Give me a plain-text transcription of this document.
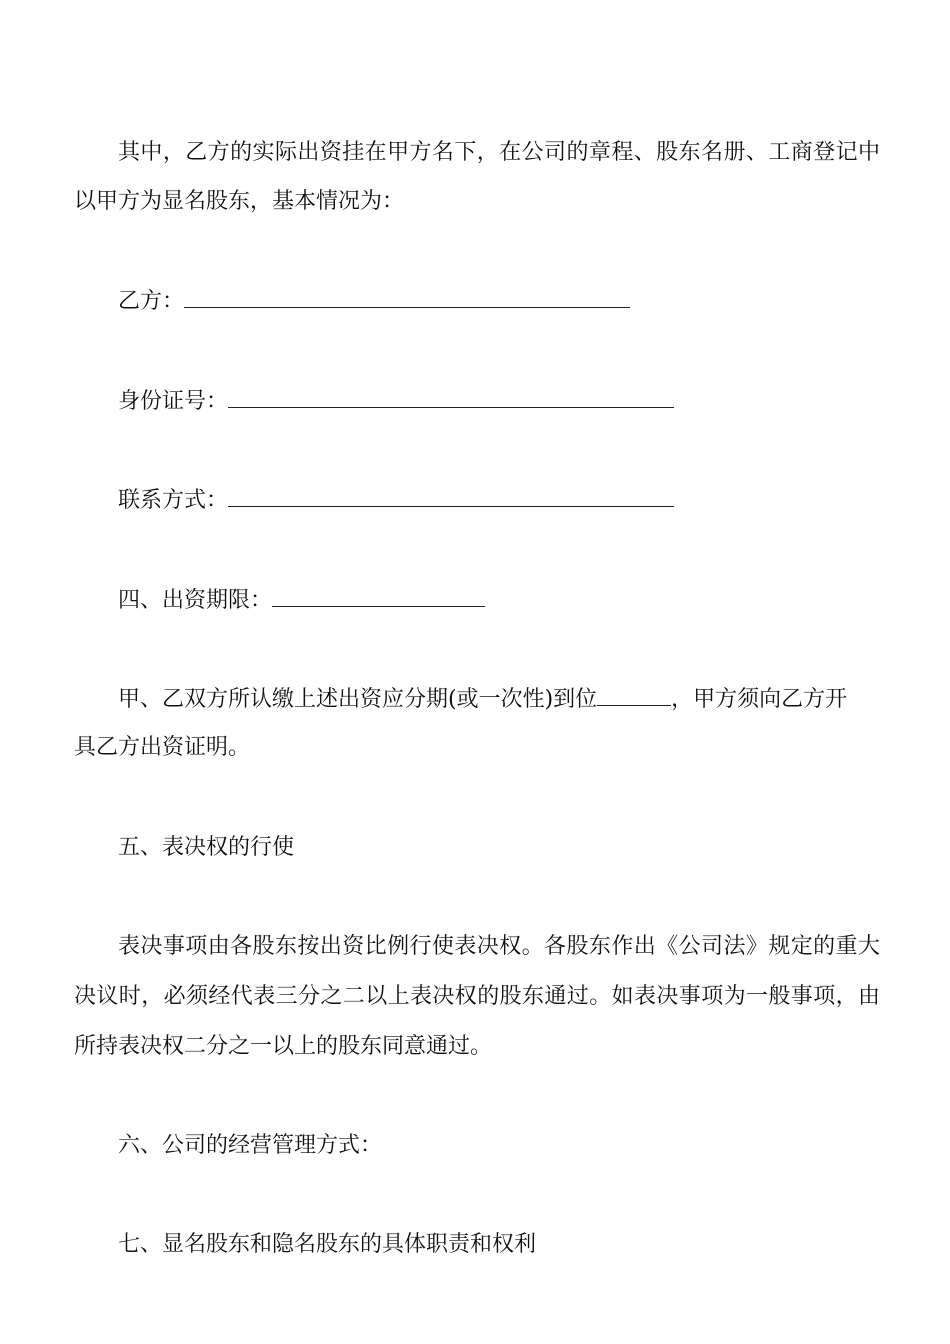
其中，乙方的实际出资挂在甲方名下，在公司的章程、股东名册、工商登记中
以甲方为显名股东，基本情况为：
乙方：
身份证号：
联系方式：
四、出资期限：
甲、乙双方所认缴上述出资应分期(或一次性)到位	，甲方须向乙方开
具乙方出资证明。
五、表决权的行使
表决事项由各股东按出资比例行使表决权。各股东作出《公司法》规定的重大
决议时，必须经代表三分之二以上表决权的股东通过。如表决事项为一般事项，由
所持表决权二分之一以上的股东同意通过。
六、公司的经营管理方式：
七、显名股东和隐名股东的具体职责和权利
